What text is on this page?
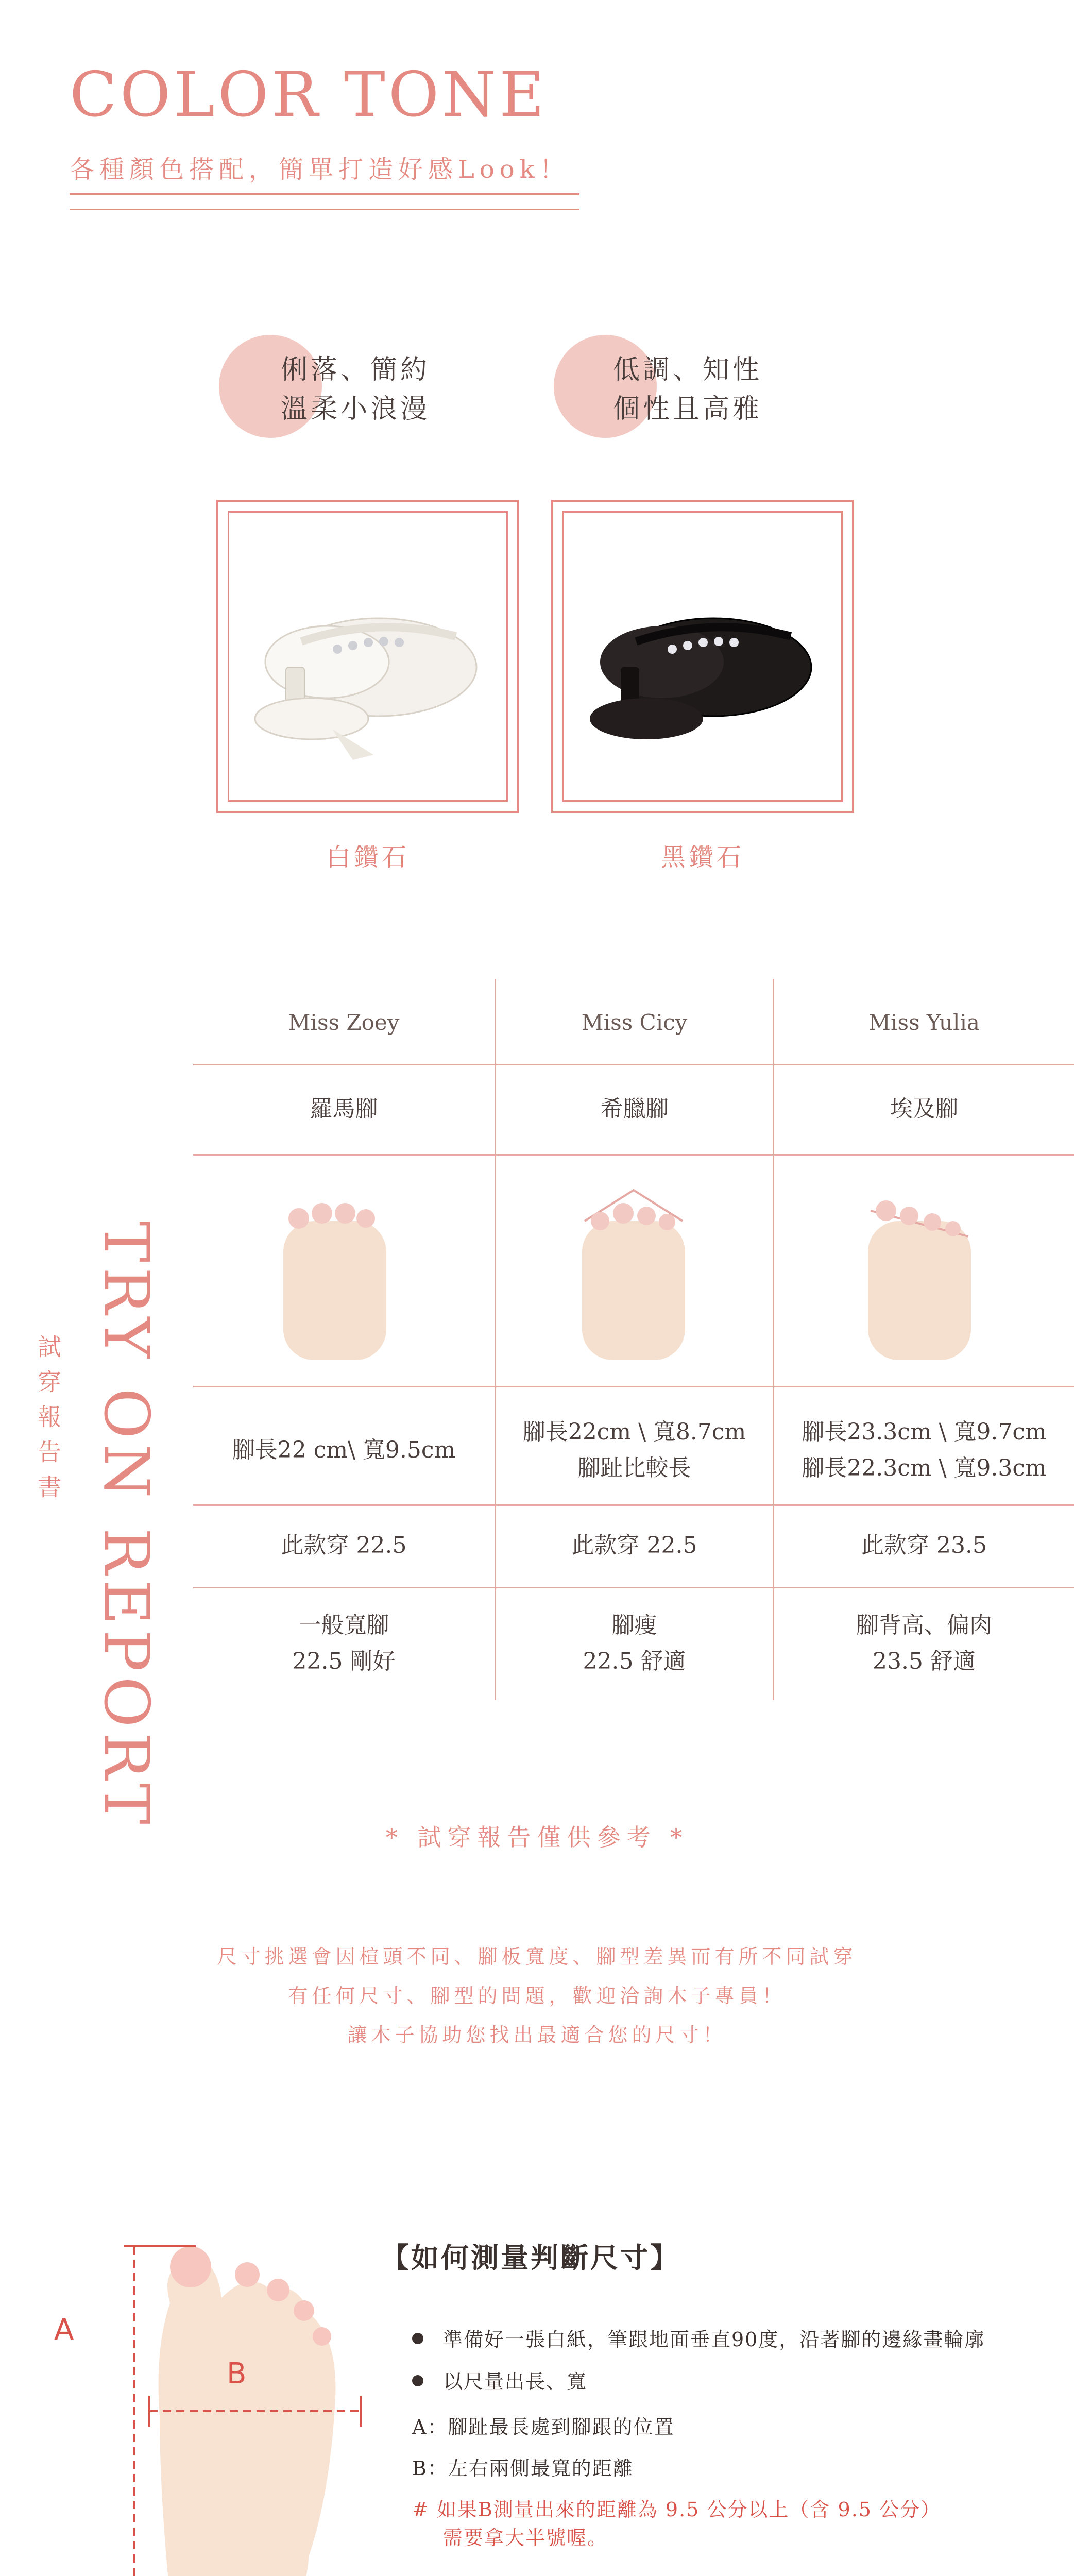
COLOR TONE
各種顏色搭配，簡單打造好感Look！
俐落、簡約
溫柔小浪漫
低調、知性
個性且高雅
白鑽石	黑鑽石
TRY ON REPORT
試穿報告書
Miss Zoey
羅馬腳
腳長22 cm\ 寬9.5cm
此款穿 22.5
一般寬腳
22.5 剛好
Miss Cicy
希臘腳
腳長22cm \ 寬8.7cm
腳趾比較長
此款穿 22.5
腳瘦
22.5 舒適
Miss Yulia
埃及腳
腳長23.3cm \ 寬9.7cm
腳長22.3cm \ 寬9.3cm
此款穿 23.5
腳背高、偏肉
23.5 舒適
* 試穿報告僅供參考 *
尺寸挑選會因楦頭不同、腳板寬度、腳型差異而有所不同試穿
有任何尺寸、腳型的問題，歡迎洽詢木子專員！
讓木子協助您找出最適合您的尺寸！
A
B
【如何測量判斷尺寸】
準備好一張白紙，筆跟地面垂直90度，沿著腳的邊緣畫輪廓
以尺量出長、寬
A：腳趾最長處到腳跟的位置
B：左右兩側最寬的距離
# 如果B測量出來的距離為 9.5 公分以上（含 9.5 公分）
需要拿大半號喔。
